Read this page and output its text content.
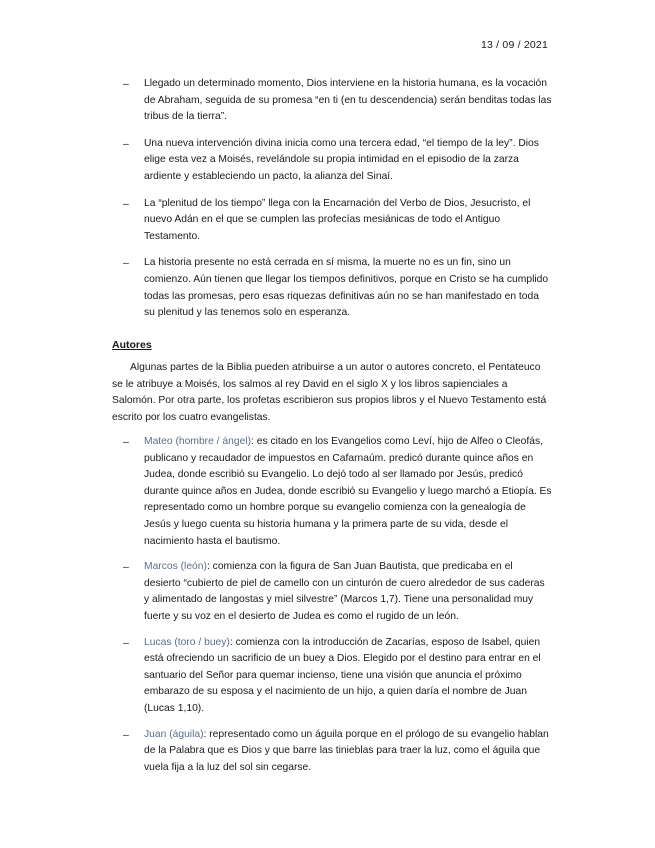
13 / 09 / 2021
–	Llegado un determinado momento, Dios interviene en la historia humana, es la vocación de Abraham, seguida de su promesa “en ti (en tu descendencia) serán benditas todas las tribus de la tierra”.
–	Una nueva intervención divina inicia como una tercera edad, “el tiempo de la ley”. Dios elige esta vez a Moisés, revelándole su propia intimidad en el episodio de la zarza ardiente y estableciendo un pacto, la alianza del Sinaí.
–	La “plenitud de los tiempo” llega con la Encarnación del Verbo de Dios, Jesucristo, el nuevo Adán en el que se cumplen las profecías mesiánicas de todo el Antiguo Testamento.
–	La historia presente no está cerrada en sí misma, la muerte no es un fin, sino un comienzo. Aún tienen que llegar los tiempos definitivos, porque en Cristo se ha cumplido todas las promesas, pero esas riquezas definitivas aún no se han manifestado en toda su plenitud y las tenemos solo en esperanza.
Autores
Algunas partes de la Biblia pueden atribuirse a un autor o autores concreto, el Pentateuco se le atribuye a Moisés, los salmos al rey David en el siglo X y los libros sapienciales a Salomón. Por otra parte, los profetas escribieron sus propios libros y el Nuevo Testamento está escrito por los cuatro evangelistas.
–	Mateo (hombre / ángel): es citado en los Evangelios como Leví, hijo de Alfeo o Cleofás, publicano y recaudador de impuestos en Cafarnaúm. predicó durante quince años en Judea, donde escribió su Evangelio. Lo dejó todo al ser llamado por Jesús, predicó durante quince años en Judea, donde escribió su Evangelio y luego marchó a Etiopía. Es representado como un hombre porque su evangelio comienza con la genealogía de Jesús y luego cuenta su historia humana y la primera parte de su vida, desde el nacimiento hasta el bautismo.
–	Marcos (león): comienza con la figura de San Juan Bautista, que predicaba en el desierto “cubierto de piel de camello con un cinturón de cuero alrededor de sus caderas y alimentado de langostas y miel silvestre” (Marcos 1,7). Tiene una personalidad muy fuerte y su voz en el desierto de Judea es como el rugido de un león.
–	Lucas (toro / buey): comienza con la introducción de Zacarías, esposo de Isabel, quien está ofreciendo un sacrificio de un buey a Dios. Elegido por el destino para entrar en el santuario del Señor para quemar incienso, tiene una visión que anuncia el próximo embarazo de su esposa y el nacimiento de un hijo, a quien daría el nombre de Juan (Lucas 1,10).
–	Juan (águila): representado como un águila porque en el prólogo de su evangelio hablan de la Palabra que es Dios y que barre las tinieblas para traer la luz, como el águila que vuela fija a la luz del sol sin cegarse.
